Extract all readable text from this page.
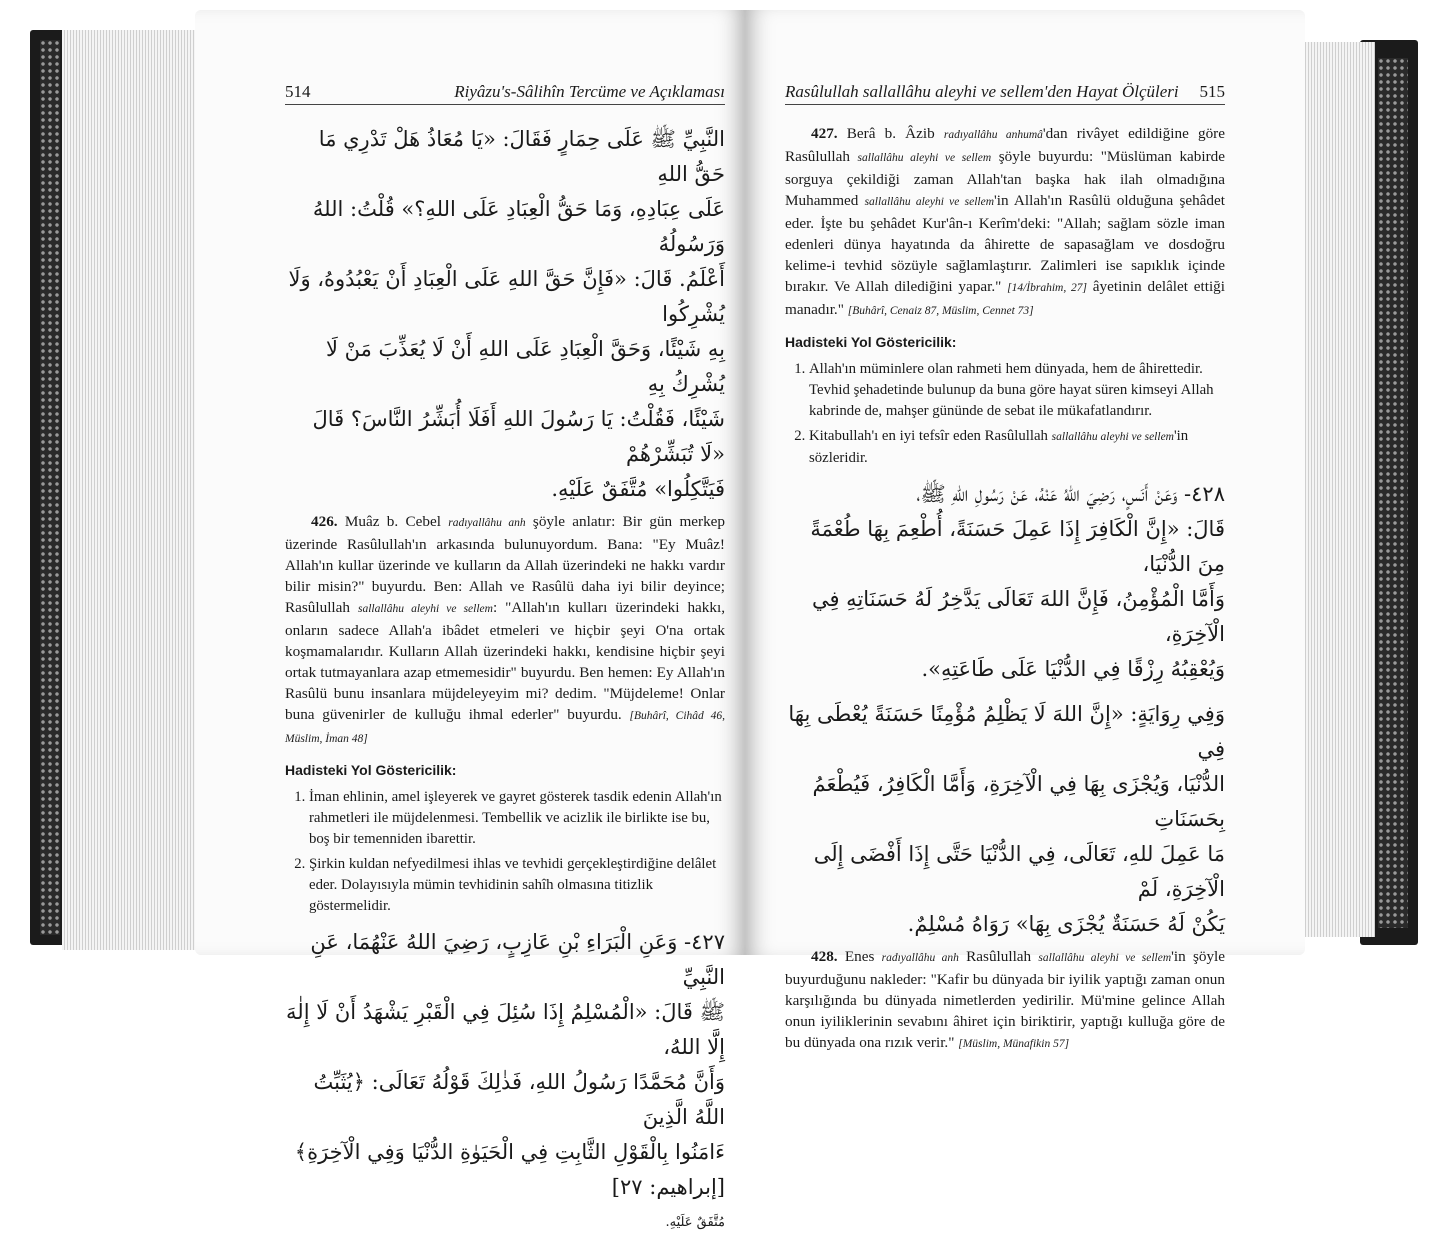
514	Riyâzu's-Sâlihîn Tercüme ve Açıklaması

النَّبِيِّ ﷺ عَلَى حِمَارٍ فَقَالَ: «يَا مُعَاذُ هَلْ تَدْرِي مَا حَقُّ اللهِ

عَلَى عِبَادِهِ، وَمَا حَقُّ الْعِبَادِ عَلَى اللهِ؟» قُلْتُ: اللهُ وَرَسُولُهُ

أَعْلَمُ. قَالَ: «فَإِنَّ حَقَّ اللهِ عَلَى الْعِبَادِ أَنْ يَعْبُدُوهُ، وَلَا يُشْرِكُوا

بِهِ شَيْئًا، وَحَقَّ الْعِبَادِ عَلَى اللهِ أَنْ لَا يُعَذِّبَ مَنْ لَا يُشْرِكُ بِهِ

شَيْئًا، فَقُلْتُ: يَا رَسُولَ اللهِ أَفَلَا أُبَشِّرُ النَّاسَ؟ قَالَ «لَا تُبَشِّرْهُمْ

فَيَتَّكِلُوا» مُتَّفَقٌ عَلَيْهِ.

426. Muâz b. Cebel radıyallâhu anh şöyle anlatır: Bir gün merkep üzerinde Rasûlullah'ın arkasında bulunuyordum. Bana: "Ey Muâz! Allah'ın kullar üzerinde ve kulların da Allah üzerindeki ne hakkı vardır bilir misin?" buyurdu. Ben: Allah ve Rasûlü daha iyi bilir deyince; Rasûlullah sallallâhu aleyhi ve sellem: "Allah'ın kulları üzerindeki hakkı, onların sadece Allah'a ibâdet etmeleri ve hiçbir şeyi O'na ortak koşmamalarıdır. Kulların Allah üzerindeki hakkı, kendisine hiçbir şeyi ortak tutmayanlara azap etmemesidir" buyurdu. Ben hemen: Ey Allah'ın Rasûlü bunu insanlara müjdeleyeyim mi? dedim. "Müjdeleme! Onlar buna güvenirler de kulluğu ihmal ederler" buyurdu. [Buhârî, Cihâd 46, Müslim, İman 48]

Hadisteki Yol Göstericilik:
1. İman ehlinin, amel işleyerek ve gayret gösterek tasdik edenin Allah'ın rahmetleri ile müjdelenmesi. Tembellik ve acizlik ile birlikte ise bu, boş bir temenniden ibarettir.
2. Şirkin kuldan nefyedilmesi ihlas ve tevhidi gerçekleştirdiğine delâlet eder. Dolayısıyla mümin tevhidinin sahîh olmasına titizlik göstermelidir.

٤٢٧- وَعَنِ الْبَرَاءِ بْنِ عَازِبٍ، رَضِيَ اللهُ عَنْهُمَا، عَنِ النَّبِيِّ

ﷺ قَالَ: «الْمُسْلِمُ إِذَا سُئِلَ فِي الْقَبْرِ يَشْهَدُ أَنْ لَا إِلٰهَ إِلَّا اللهُ،

وَأَنَّ مُحَمَّدًا رَسُولُ اللهِ، فَذٰلِكَ قَوْلُهُ تَعَالَى: ﴿يُثَبِّتُ اللَّهُ الَّذِينَ

ءَامَنُوا بِالْقَوْلِ الثَّابِتِ فِي الْحَيَوٰةِ الدُّنْيَا وَفِي الْآخِرَةِ﴾ [إبراهيم: ٢٧]

مُتَّفَقٌ عَلَيْهِ.

515
Rasûlullah sallallâhu aleyhi ve sellem'den Hayat Ölçüleri

427. Berâ b. Âzib radıyallâhu anhumâ'dan rivâyet edildiğine göre Rasûlullah sallallâhu aleyhi ve sellem şöyle buyurdu: "Müslüman kabirde sorguya çekildiği zaman Allah'tan başka hak ilah olmadığına Muhammed sallallâhu aleyhi ve sellem'in Allah'ın Rasûlü olduğuna şehâdet eder. İşte bu şehâdet Kur'ân-ı Kerîm'deki: "Allah; sağlam sözle iman edenleri dünya hayatında da âhirette de sapasağlam ve dosdoğru kelime-i tevhid sözüyle sağlamlaştırır. Zalimleri ise sapıklık içinde bırakır. Ve Allah dilediğini yapar." [14/İbrahim, 27] âyetinin delâlet ettiği manadır." [Buhârî, Cenaiz 87, Müslim, Cennet 73]

Hadisteki Yol Göstericilik:
1. Allah'ın müminlere olan rahmeti hem dünyada, hem de âhirettedir. Tevhid şehadetinde bulunup da buna göre hayat süren kimseyi Allah kabrinde de, mahşer gününde de sebat ile mükafatlandırır.
2. Kitabullah'ı en iyi tefsîr eden Rasûlullah sallallâhu aleyhi ve sellem'in sözleridir.

٤٢٨- وَعَنْ أَنَسٍ، رَضِيَ اللهُ عَنْهُ، عَنْ رَسُولِ اللهِ ﷺ،

قَالَ: «إِنَّ الْكَافِرَ إِذَا عَمِلَ حَسَنَةً، أُطْعِمَ بِهَا طُعْمَةً مِنَ الدُّنْيَا،

وَأَمَّا الْمُؤْمِنُ، فَإِنَّ اللهَ تَعَالَى يَدَّخِرُ لَهُ حَسَنَاتِهِ فِي الْآخِرَةِ،

وَيُعْقِبُهُ رِزْقًا فِي الدُّنْيَا عَلَى طَاعَتِهِ».

وَفِي رِوَايَةٍ: «إِنَّ اللهَ لَا يَظْلِمُ مُؤْمِنًا حَسَنَةً يُعْطَى بِهَا فِي

الدُّنْيَا، وَيُجْزَى بِهَا فِي الْآخِرَةِ، وَأَمَّا الْكَافِرُ، فَيُطْعَمُ بِحَسَنَاتِ

مَا عَمِلَ للهِ، تَعَالَى، فِي الدُّنْيَا حَتَّى إِذَا أَفْضَى إِلَى الْآخِرَةِ، لَمْ

يَكُنْ لَهُ حَسَنَةٌ يُجْزَى بِهَا» رَوَاهُ مُسْلِمٌ.

428. Enes radıyallâhu anh Rasûlullah sallallâhu aleyhi ve sellem'in şöyle buyurduğunu nakleder: "Kafir bu dünyada bir iyilik yaptığı zaman onun karşılığında bu dünyada nimetlerden yedirilir. Mü'mine gelince Allah onun iyiliklerinin sevabını âhiret için biriktirir, yaptığı kulluğa göre de bu dünyada ona rızık verir." [Müslim, Münafikin 57]
